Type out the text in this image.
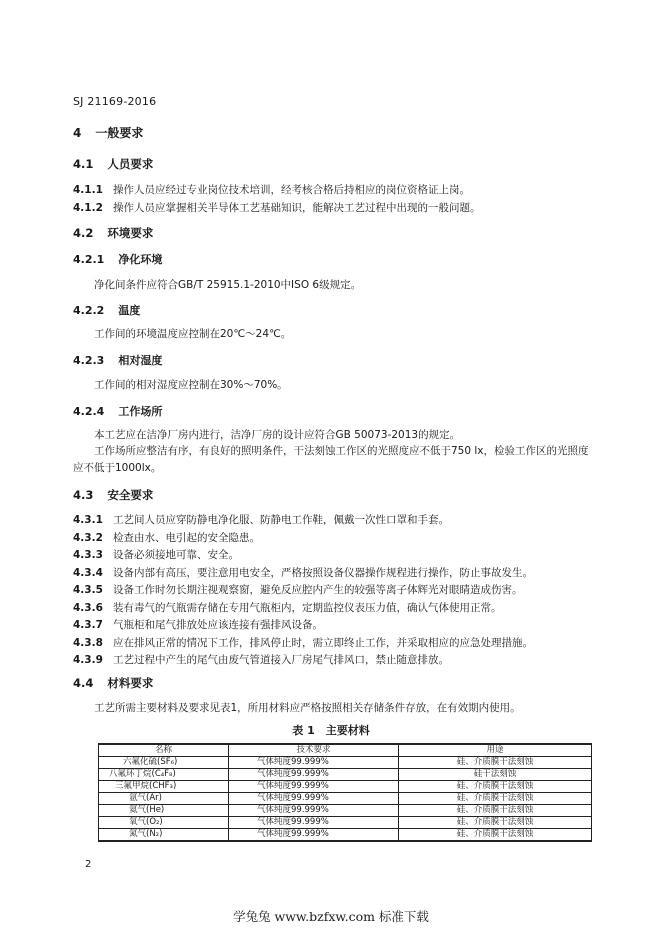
SJ 21169-2016
4 一般要求
4.1 人员要求
4.1.1 操作人员应经过专业岗位技术培训，经考核合格后持相应的岗位资格证上岗。
4.1.2 操作人员应掌握相关半导体工艺基础知识，能解决工艺过程中出现的一般问题。
4.2 环境要求
4.2.1 净化环境
净化间条件应符合GB/T 25915.1-2010中ISO 6级规定。
4.2.2 温度
工作间的环境温度应控制在20℃～24℃。
4.2.3 相对湿度
工作间的相对湿度应控制在30%～70%。
4.2.4 工作场所
本工艺应在洁净厂房内进行，洁净厂房的设计应符合GB 50073-2013的规定。
工作场所应整洁有序，有良好的照明条件，干法刻蚀工作区的光照度应不低于750 lx，检验工作区的光照度应不低于1000lx。
4.3 安全要求
4.3.1 工艺间人员应穿防静电净化服、防静电工作鞋，佩戴一次性口罩和手套。
4.3.2 检查由水、电引起的安全隐患。
4.3.3 设备必须接地可靠、安全。
4.3.4 设备内部有高压，要注意用电安全，严格按照设备仪器操作规程进行操作，防止事故发生。
4.3.5 设备工作时勿长期注视观察窗，避免反应腔内产生的较强等离子体辉光对眼睛造成伤害。
4.3.6 装有毒气的气瓶需存储在专用气瓶柜内，定期监控仪表压力值，确认气体使用正常。
4.3.7 气瓶柜和尾气排放处应该连接有强排风设备。
4.3.8 应在排风正常的情况下工作，排风停止时，需立即终止工作，并采取相应的应急处理措施。
4.3.9 工艺过程中产生的尾气由废气管道接入厂房尾气排风口，禁止随意排放。
4.4 材料要求
工艺所需主要材料及要求见表1，所用材料应严格按照相关存储条件存放，在有效期内使用。
表 1　主要材料
名称	技术要求	用途
六氟化硫(SF₆)	气体纯度99.999%	硅、介质膜干法刻蚀
八氟环丁烷(C₄F₈)	气体纯度99.999%	硅干法刻蚀
三氟甲烷(CHF₃)	气体纯度99.999%	硅、介质膜干法刻蚀
氩气(Ar)	气体纯度99.999%	硅、介质膜干法刻蚀
氦气(He)	气体纯度99.999%	硅、介质膜干法刻蚀
氧气(O₂)	气体纯度99.999%	硅、介质膜干法刻蚀
氮气(N₂)	气体纯度99.999%	硅、介质膜干法刻蚀
2
学兔兔 www.bzfxw.com 标准下载
